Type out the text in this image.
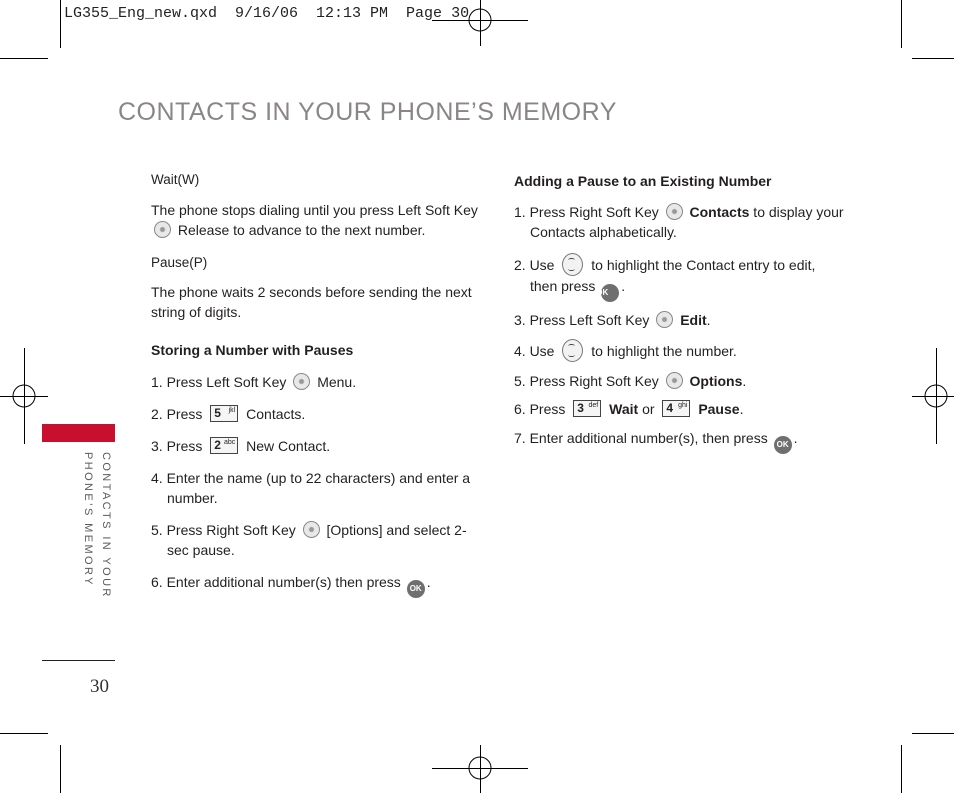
LG355_Eng_new.qxd  9/16/06  12:13 PM  Page 30
CONTACTS IN YOUR PHONE’S MEMORY
CONTACTS IN YOUR
PHONE’S MEMORY
30

Wait(W)

The phone stops dialing until you press Left Soft Key
Release to advance to the next number.

Pause(P)

The phone waits 2 seconds before sending the next string of digits.

Storing a Number with Pauses

1. Press Left Soft Key Menu.

2. Press 5 jkl Contacts.

3. Press 2 abc New Contact.

4. Enter the name (up to 22 characters) and enter a number.

5. Press Right Soft Key [Options] and select 2-sec pause.

6. Enter additional number(s) then press OK .

Adding a Pause to an Existing Number

1. Press Right Soft Key Contacts to display your Contacts alphabetically.

2. Use	to highlight the Contact entry to edit, then press OK .

3. Press Left Soft Key Edit.

4. Use	to highlight the number.

5. Press Right Soft Key Options.

6. Press 3 def Wait or 4 ghi Pause.

7. Enter additional number(s), then press OK .
